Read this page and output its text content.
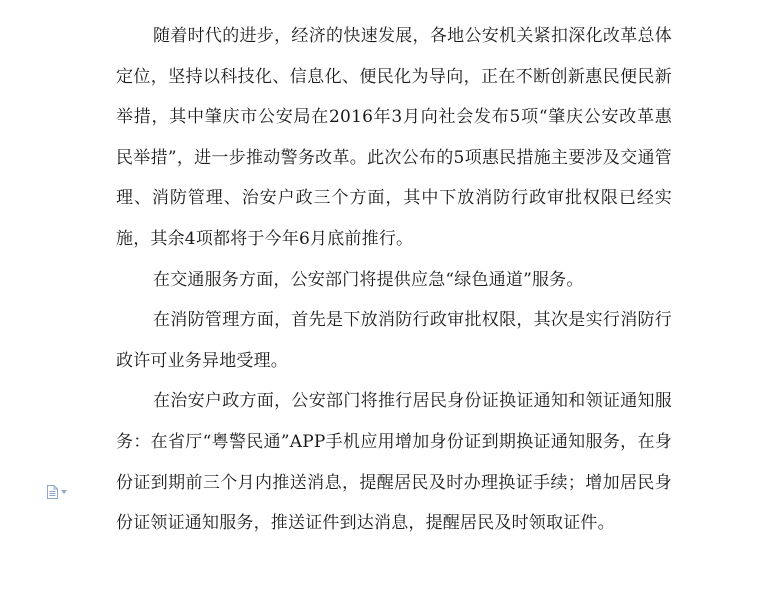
随着时代的进步，经济的快速发展，各地公安机关紧扣深化改革总体定位，坚持以科技化、信息化、便民化为导向，正在不断创新惠民便民新举措，其中肇庆市公安局在2016年3月向社会发布5项“肇庆公安改革惠民举措”，进一步推动警务改革。此次公布的5项惠民措施主要涉及交通管理、消防管理、治安户政三个方面，其中下放消防行政审批权限已经实施，其余4项都将于今年6月底前推行。

在交通服务方面，公安部门将提供应急“绿色通道”服务。

在消防管理方面，首先是下放消防行政审批权限，其次是实行消防行政许可业务异地受理。

在治安户政方面，公安部门将推行居民身份证换证通知和领证通知服务：在省厅“粤警民通”APP手机应用增加身份证到期换证通知服务，在身份证到期前三个月内推送消息，提醒居民及时办理换证手续；增加居民身份证领证通知服务，推送证件到达消息，提醒居民及时领取证件。
